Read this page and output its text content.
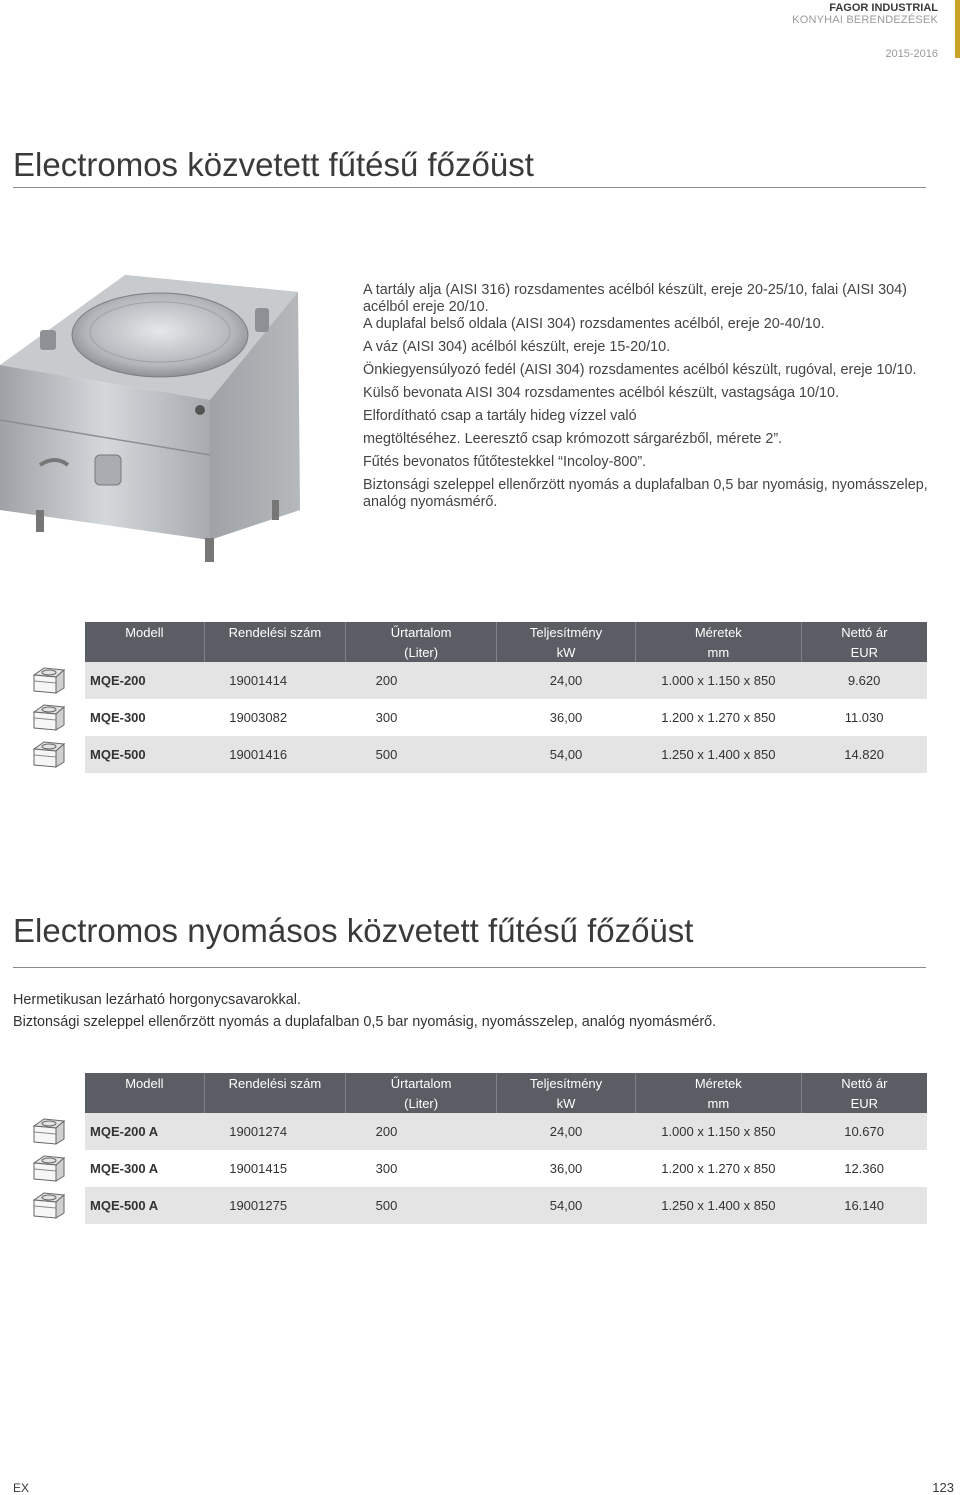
FAGOR INDUSTRIAL
KONYHAI BERENDEZÉSEK
2015-2016
Electromos közvetett fűtésű főzőüst

A tartály alja (AISI 316) rozsdamentes acélból készült, ereje 20-25/10, falai (AISI 304) acélból ereje 20/10.

A duplafal belső oldala (AISI 304) rozsdamentes acélból, ereje 20-40/10.

A váz (AISI 304) acélból készült, ereje 15-20/10.

Önkiegyensúlyozó fedél (AISI 304) rozsdamentes acélból készült, rugóval, ereje 10/10.

Külső bevonata AISI 304 rozsdamentes acélból készült, vastagsága 10/10.

Elfordítható csap a tartály hideg vízzel való

megtöltéséhez. Leeresztő csap krómozott sárgarézből, mérete 2”.

Fűtés bevonatos fűtőtestekkel “Incoloy-800”.

Biztonsági szeleppel ellenőrzött nyomás a duplafalban 0,5 bar nyomásig, nyomásszelep, analóg nyomásmérő.

	Modell	Rendelési szám	Űrtartalom	Teljesítmény	Méretek	Nettó ár
			(Liter)	kW	mm	EUR

	MQE-200	19001414	200	24,00	1.000 x 1.150 x 850	9.620

	MQE-300	19003082	300	36,00	1.200 x 1.270 x 850	11.030

	MQE-500	19001416	500	54,00	1.250 x 1.400 x 850	14.820
Electromos nyomásos közvetett fűtésű főzőüst

Hermetikusan lezárható horgonycsavarokkal.

Biztonsági szeleppel ellenőrzött nyomás a duplafalban 0,5 bar nyomásig, nyomásszelep, analóg nyomásmérő.

	Modell	Rendelési szám	Űrtartalom	Teljesítmény	Méretek	Nettó ár
			(Liter)	kW	mm	EUR

	MQE-200 A	19001274	200	24,00	1.000 x 1.150 x 850	10.670

	MQE-300 A	19001415	300	36,00	1.200 x 1.270 x 850	12.360

	MQE-500 A	19001275	500	54,00	1.250 x 1.400 x 850	16.140
EX	123
